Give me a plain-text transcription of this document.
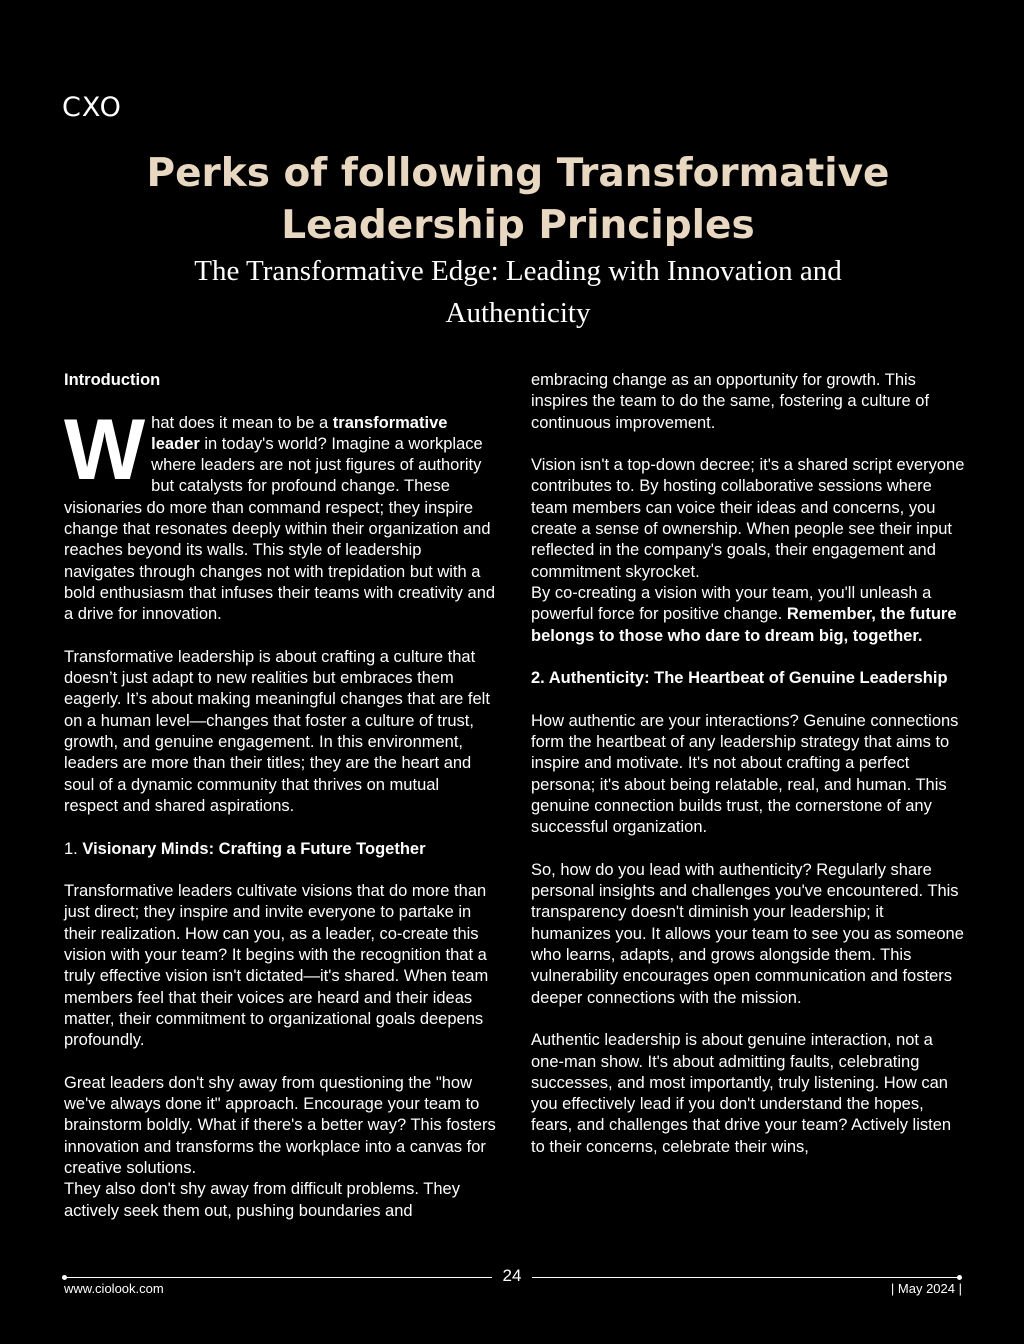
CXO
Perks of following Transformative Leadership Principles
The Transformative Edge: Leading with Innovation and Authenticity

Introduction

What does it mean to be a transformative leader in today's world? Imagine a workplace where leaders are not just figures of authority but catalysts for profound change. These visionaries do more than command respect; they inspire change that resonates deeply within their organization and reaches beyond its walls. This style of leadership navigates through changes not with trepidation but with a bold enthusiasm that infuses their teams with creativity and a drive for innovation.

Transformative leadership is about crafting a culture that doesn’t just adapt to new realities but embraces them eagerly. It’s about making meaningful changes that are felt on a human level—changes that foster a culture of trust, growth, and genuine engagement. In this environment, leaders are more than their titles; they are the heart and soul of a dynamic community that thrives on mutual respect and shared aspirations.

1. Visionary Minds: Crafting a Future Together

Transformative leaders cultivate visions that do more than just direct; they inspire and invite everyone to partake in their realization. How can you, as a leader, co-create this vision with your team? It begins with the recognition that a truly effective vision isn't dictated—it's shared. When team members feel that their voices are heard and their ideas matter, their commitment to organizational goals deepens profoundly.

Great leaders don't shy away from questioning the "how we've always done it" approach. Encourage your team to brainstorm boldly. What if there's a better way? This fosters innovation and transforms the workplace into a canvas for creative solutions.

They also don't shy away from difficult problems. They actively seek them out, pushing boundaries and

embracing change as an opportunity for growth. This inspires the team to do the same, fostering a culture of continuous improvement.

Vision isn't a top-down decree; it's a shared script everyone contributes to. By hosting collaborative sessions where team members can voice their ideas and concerns, you create a sense of ownership. When people see their input reflected in the company's goals, their engagement and commitment skyrocket.

By co-creating a vision with your team, you'll unleash a powerful force for positive change. Remember, the future belongs to those who dare to dream big, together.

2. Authenticity: The Heartbeat of Genuine Leadership

How authentic are your interactions? Genuine connections form the heartbeat of any leadership strategy that aims to inspire and motivate. It's not about crafting a perfect persona; it's about being relatable, real, and human. This genuine connection builds trust, the cornerstone of any successful organization.

So, how do you lead with authenticity? Regularly share personal insights and challenges you've encountered. This transparency doesn't diminish your leadership; it humanizes you. It allows your team to see you as someone who learns, adapts, and grows alongside them. This vulnerability encourages open communication and fosters deeper connections with the mission.

Authentic leadership is about genuine interaction, not a one-man show. It's about admitting faults, celebrating successes, and most importantly, truly listening. How can you effectively lead if you don't understand the hopes, fears, and challenges that drive your team? Actively listen to their concerns, celebrate their wins,

24
www.ciolook.com	| May 2024 |
